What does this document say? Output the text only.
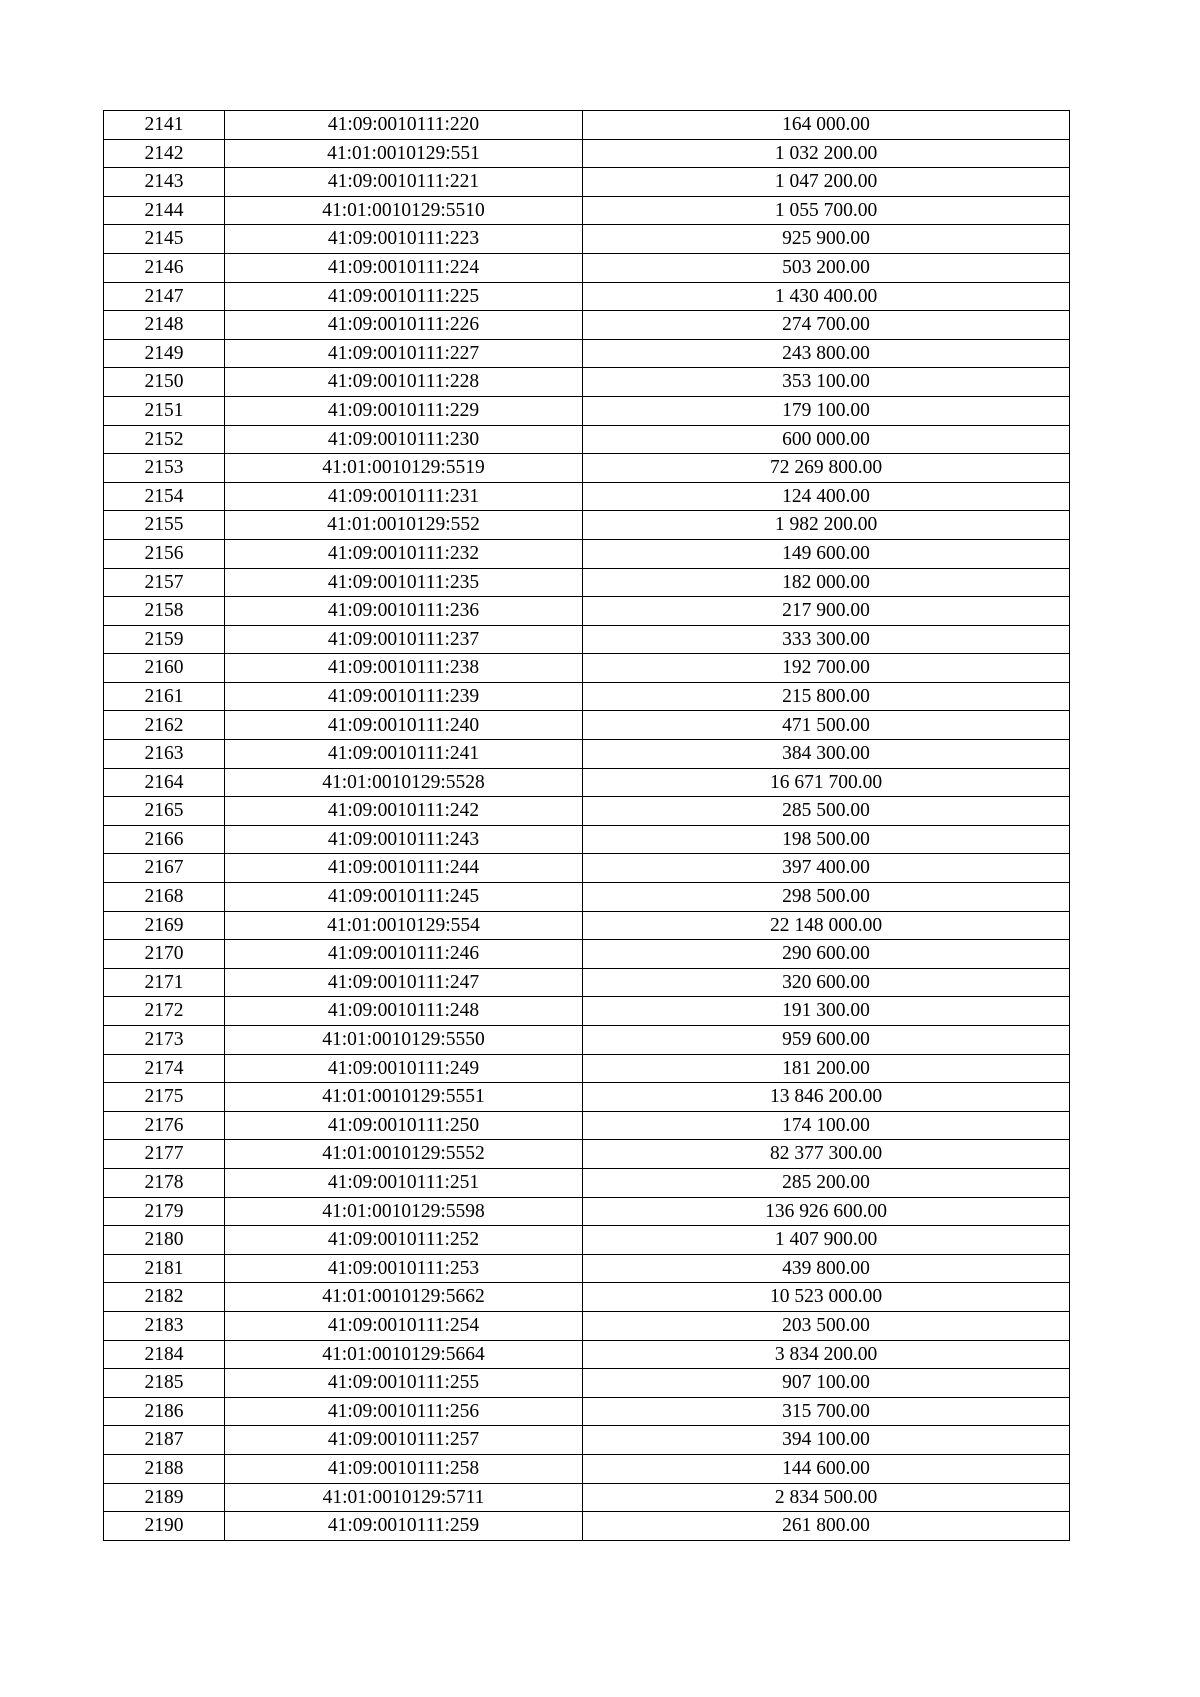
2141	41:09:0010111:220	164 000.00
2142	41:01:0010129:551	1 032 200.00
2143	41:09:0010111:221	1 047 200.00
2144	41:01:0010129:5510	1 055 700.00
2145	41:09:0010111:223	925 900.00
2146	41:09:0010111:224	503 200.00
2147	41:09:0010111:225	1 430 400.00
2148	41:09:0010111:226	274 700.00
2149	41:09:0010111:227	243 800.00
2150	41:09:0010111:228	353 100.00
2151	41:09:0010111:229	179 100.00
2152	41:09:0010111:230	600 000.00
2153	41:01:0010129:5519	72 269 800.00
2154	41:09:0010111:231	124 400.00
2155	41:01:0010129:552	1 982 200.00
2156	41:09:0010111:232	149 600.00
2157	41:09:0010111:235	182 000.00
2158	41:09:0010111:236	217 900.00
2159	41:09:0010111:237	333 300.00
2160	41:09:0010111:238	192 700.00
2161	41:09:0010111:239	215 800.00
2162	41:09:0010111:240	471 500.00
2163	41:09:0010111:241	384 300.00
2164	41:01:0010129:5528	16 671 700.00
2165	41:09:0010111:242	285 500.00
2166	41:09:0010111:243	198 500.00
2167	41:09:0010111:244	397 400.00
2168	41:09:0010111:245	298 500.00
2169	41:01:0010129:554	22 148 000.00
2170	41:09:0010111:246	290 600.00
2171	41:09:0010111:247	320 600.00
2172	41:09:0010111:248	191 300.00
2173	41:01:0010129:5550	959 600.00
2174	41:09:0010111:249	181 200.00
2175	41:01:0010129:5551	13 846 200.00
2176	41:09:0010111:250	174 100.00
2177	41:01:0010129:5552	82 377 300.00
2178	41:09:0010111:251	285 200.00
2179	41:01:0010129:5598	136 926 600.00
2180	41:09:0010111:252	1 407 900.00
2181	41:09:0010111:253	439 800.00
2182	41:01:0010129:5662	10 523 000.00
2183	41:09:0010111:254	203 500.00
2184	41:01:0010129:5664	3 834 200.00
2185	41:09:0010111:255	907 100.00
2186	41:09:0010111:256	315 700.00
2187	41:09:0010111:257	394 100.00
2188	41:09:0010111:258	144 600.00
2189	41:01:0010129:5711	2 834 500.00
2190	41:09:0010111:259	261 800.00
